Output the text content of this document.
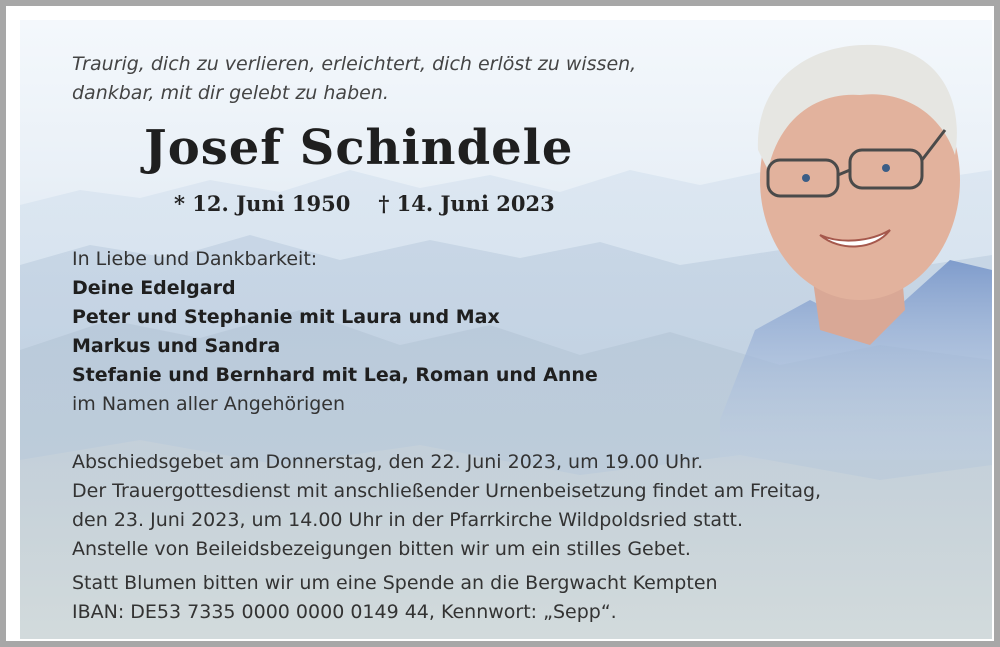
Traurig, dich zu verlieren, erleichtert, dich erlöst zu wissen,
dankbar, mit dir gelebt zu haben.
Josef Schindele
* 12. Juni 1950 † 14. Juni 2023
In Liebe und Dankbarkeit:
Deine Edelgard
Peter und Stephanie mit Laura und Max
Markus und Sandra
Stefanie und Bernhard mit Lea, Roman und Anne
im Namen aller Angehörigen
Abschiedsgebet am Donnerstag, den 22. Juni 2023, um 19.00 Uhr.
Der Trauergottesdienst mit anschließender Urnenbeisetzung findet am Freitag,
den 23. Juni 2023, um 14.00 Uhr in der Pfarrkirche Wildpoldsried statt.
Anstelle von Beileidsbezeigungen bitten wir um ein stilles Gebet.
Statt Blumen bitten wir um eine Spende an die Bergwacht Kempten
IBAN: DE53 7335 0000 0000 0149 44, Kennwort: „Sepp“.
